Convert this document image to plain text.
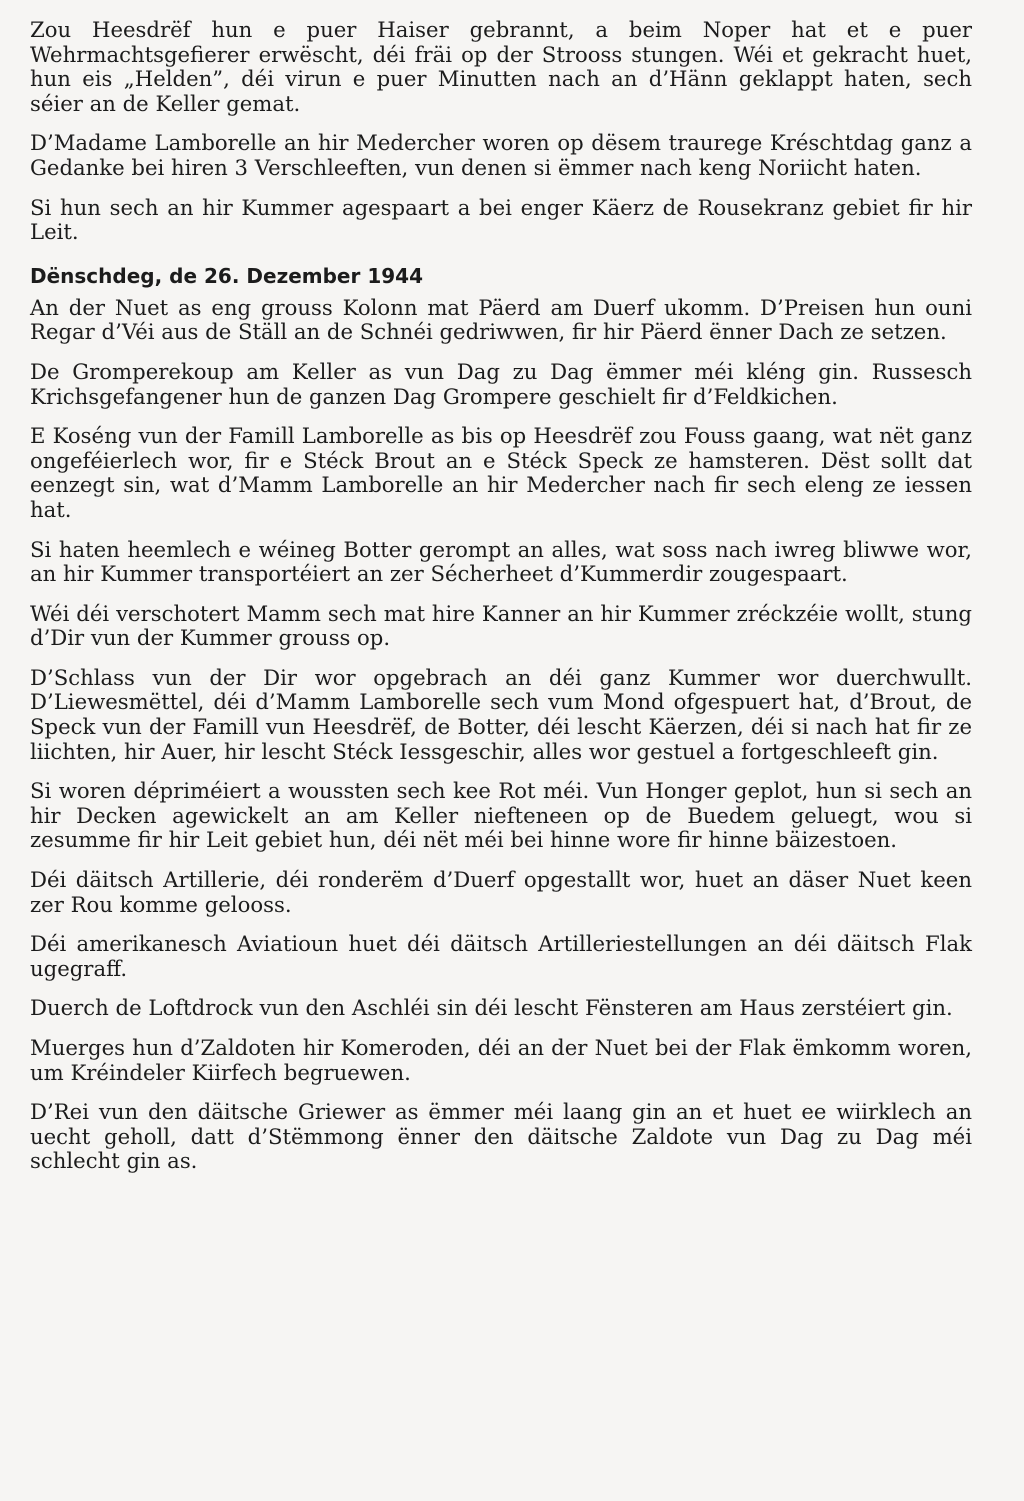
Zou Heesdrëf hun e puer Haiser gebrannt, a beim Noper hat et e puer Wehrmachtsgefierer erwëscht, déi fräi op der Strooss stungen. Wéi et gekracht huet, hun eis „Helden”, déi virun e puer Minutten nach an d’Hänn geklappt haten, sech séier an de Keller gemat.

D’Madame Lamborelle an hir Medercher woren op dësem traurege Kréschtdag ganz a Gedanke bei hiren 3 Verschleeften, vun denen si ëmmer nach keng Noriicht haten.

Si hun sech an hir Kummer agespaart a bei enger Käerz de Rousekranz gebiet fir hir Leit.

Dënschdeg, de 26. Dezember 1944

An der Nuet as eng grouss Kolonn mat Päerd am Duerf ukomm. D’Preisen hun ouni Regar d’Véi aus de Ställ an de Schnéi gedriwwen, fir hir Päerd ënner Dach ze setzen.

De Gromperekoup am Keller as vun Dag zu Dag ëmmer méi kléng gin. Russesch Krichsgefangener hun de ganzen Dag Grompere geschielt fir d’Feldkichen.

E Koséng vun der Famill Lamborelle as bis op Heesdrëf zou Fouss gaang, wat nët ganz ongeféierlech wor, fir e Stéck Brout an e Stéck Speck ze hamsteren. Dëst sollt dat eenzegt sin, wat d’Mamm Lamborelle an hir Medercher nach fir sech eleng ze iessen hat.

Si haten heemlech e wéineg Botter gerompt an alles, wat soss nach iwreg bliwwe wor, an hir Kummer transportéiert an zer Sécherheet d’Kummerdir zougespaart.

Wéi déi verschotert Mamm sech mat hire Kanner an hir Kummer zréckzéie wollt, stung d’Dir vun der Kummer grouss op.

D’Schlass vun der Dir wor opgebrach an déi ganz Kummer wor duerchwullt. D’Liewesmëttel, déi d’Mamm Lamborelle sech vum Mond ofgespuert hat, d’Brout, de Speck vun der Famill vun Heesdrëf, de Botter, déi lescht Käerzen, déi si nach hat fir ze liichten, hir Auer, hir lescht Stéck Iessgeschir, alles wor gestuel a fortgeschleeft gin.

Si woren dépriméiert a woussten sech kee Rot méi. Vun Honger geplot, hun si sech an hir Decken agewickelt an am Keller niefteneen op de Buedem geluegt, wou si zesumme fir hir Leit gebiet hun, déi nët méi bei hinne wore fir hinne bäizestoen.

Déi däitsch Artillerie, déi ronderëm d’Duerf opgestallt wor, huet an däser Nuet keen zer Rou komme gelooss.

Déi amerikanesch Aviatioun huet déi däitsch Artilleriestellungen an déi däitsch Flak ugegraff.

Duerch de Loftdrock vun den Aschléi sin déi lescht Fënsteren am Haus zerstéiert gin.

Muerges hun d’Zaldoten hir Komeroden, déi an der Nuet bei der Flak ëmkomm woren, um Kréindeler Kiirfech begruewen.

D’Rei vun den däitsche Griewer as ëmmer méi laang gin an et huet ee wiirklech an uecht geholl, datt d’Stëmmong ënner den däitsche Zaldote vun Dag zu Dag méi schlecht gin as.
